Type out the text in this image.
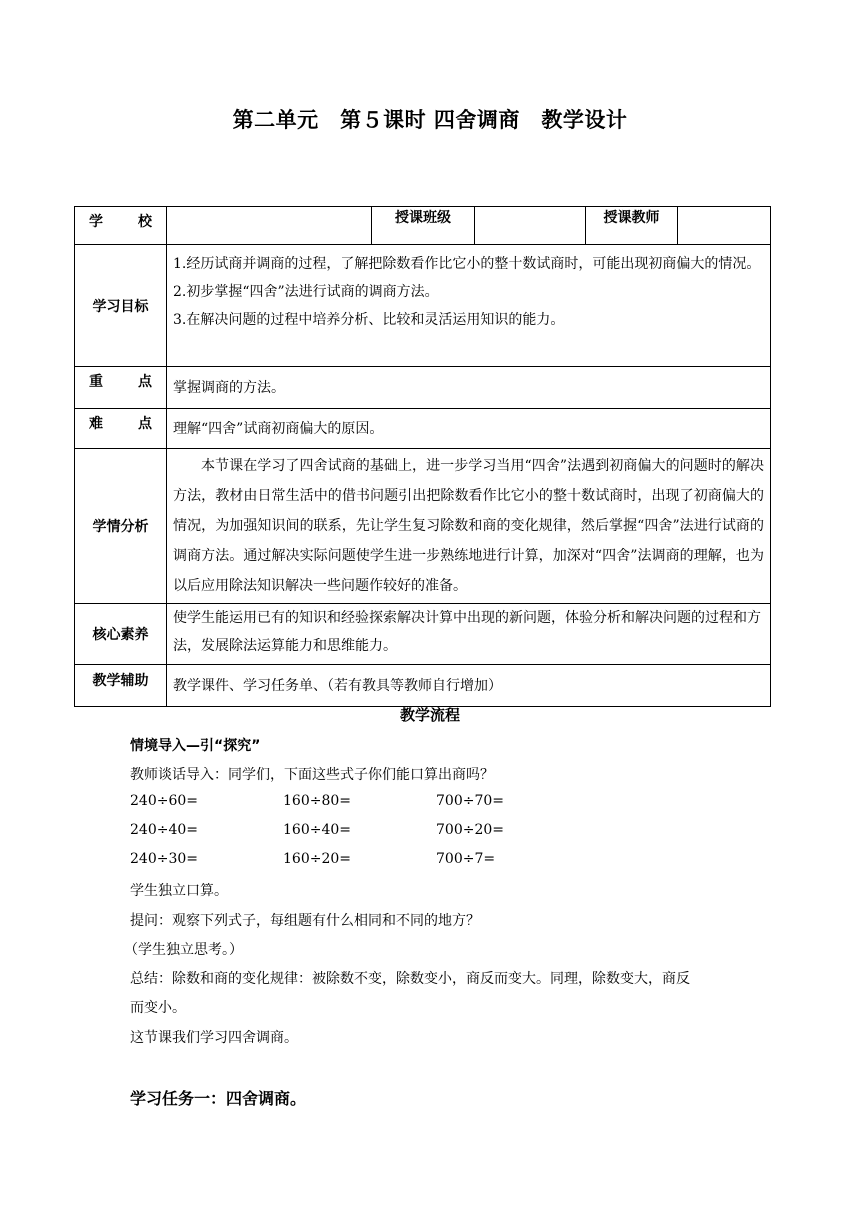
第二单元　第５课时 四舍调商　教学设计
学 校		授课班级		授课教师	

学习目标	1.经历试商并调商的过程，了解把除数看作比它小的整十数试商时，可能出现初商偏大的情况。
2.初步掌握“四舍”法进行试商的调商方法。
3.在解决问题的过程中培养分析、比较和灵活运用知识的能力。				

重 点	掌握调商的方法。				

难 点	理解“四舍”试商初商偏大的原因。				

学情分析	本节课在学习了四舍试商的基础上，进一步学习当用“四舍”法遇到初商偏大的问题时的解决方法，教材由日常生活中的借书问题引出把除数看作比它小的整十数试商时，出现了初商偏大的情况，为加强知识间的联系，先让学生复习除数和商的变化规律，然后掌握“四舍”法进行试商的调商方法。通过解决实际问题使学生进一步熟练地进行计算，加深对“四舍”法调商的理解，也为以后应用除法知识解决一些问题作较好的准备。				

核心素养	使学生能运用已有的知识和经验探索解决计算中出现的新问题，体验分析和解决问题的过程和方法，发展除法运算能力和思维能力。				

教学辅助	教学课件、学习任务单、（若有教具等教师自行增加）				
教学流程
情境导入—引“探究”
教师谈话导入：同学们，下面这些式子你们能口算出商吗？
240÷60=	160÷80=	700÷70=
240÷40=	160÷40=	700÷20=
240÷30=	160÷20=	700÷7=
学生独立口算。
提问：观察下列式子，每组题有什么相同和不同的地方？
（学生独立思考。）
总结：除数和商的变化规律：被除数不变，除数变小，商反而变大。同理，除数变大，商反
而变小。
这节课我们学习四舍调商。
学习任务一：四舍调商。
